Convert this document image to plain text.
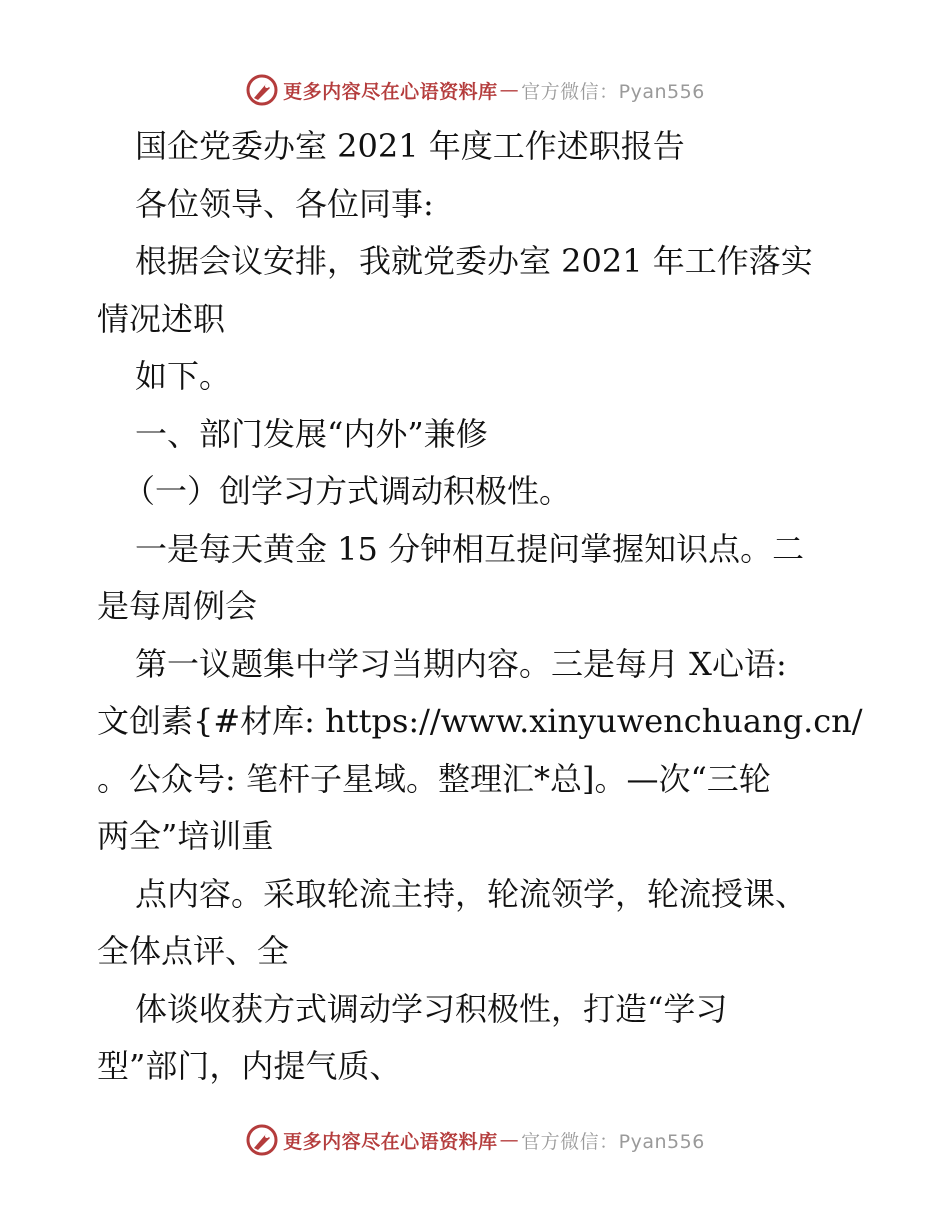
更多内容尽在心语资料库 — 官方微信：Pyan556
国企党委办室 2021 年度工作述职报告
各位领导、各位同事:
根据会议安排，我就党委办室 2021 年工作落实
情况述职
如下。
一、部门发展“内外”兼修
（一）创学习方式调动积极性。
一是每天黄金 15 分钟相互提问掌握知识点。二
是每周例会
第一议题集中学习当期内容。三是每月 X心语:
文创素{#材库: https://www.xinyuwenchuang.cn/
。公众号: 笔杆子星域。整理汇*总]。—次“三轮
两全”培训重
点内容。采取轮流主持，轮流领学，轮流授课、
全体点评、全
体谈收获方式调动学习积极性，打造“学习
型”部门，内提气质、
更多内容尽在心语资料库 — 官方微信：Pyan556
